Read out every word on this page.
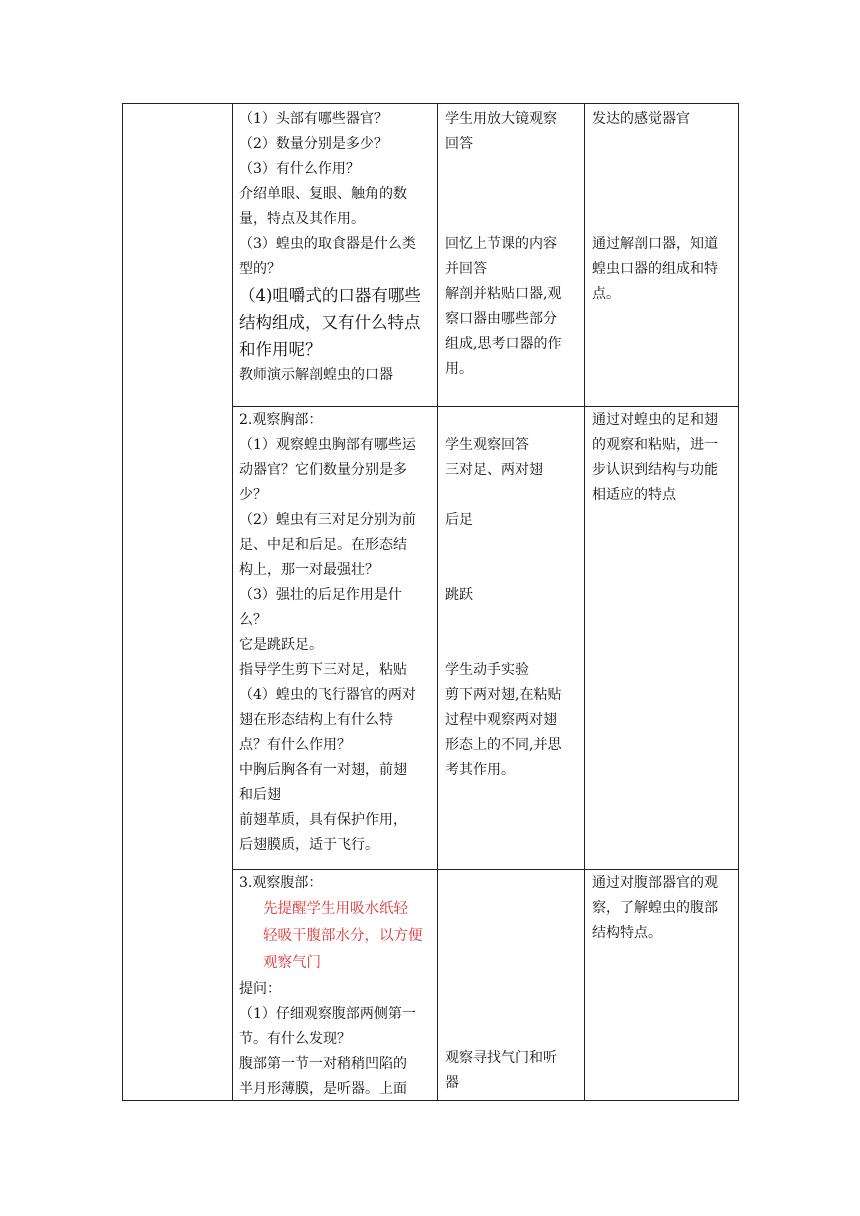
（1）头部有哪些器官？

（2）数量分别是多少？

（3）有什么作用？

介绍单眼、复眼、触角的数

量，特点及其作用。

（3）蝗虫的取食器是什么类

型的？

（4)咀嚼式的口器有哪些

结构组成，又有什么特点

和作用呢？

教师演示解剖蝗虫的口器

学生用放大镜观察

回答

回忆上节课的内容

并回答

解剖并粘贴口器,观

察口器由哪些部分

组成,思考口器的作

用。

发达的感觉器官

通过解剖口器，知道

蝗虫口器的组成和特

点。

2.观察胸部：

（1）观察蝗虫胸部有哪些运

动器官？它们数量分别是多

少？

（2）蝗虫有三对足分别为前

足、中足和后足。在形态结

构上，那一对最强壮？

（3）强壮的后足作用是什

么？

它是跳跃足。

指导学生剪下三对足，粘贴

（4）蝗虫的飞行器官的两对

翅在形态结构上有什么特

点？有什么作用？

中胸后胸各有一对翅，前翅

和后翅

前翅革质，具有保护作用，

后翅膜质，适于飞行。

学生观察回答

三对足、两对翅

后足

跳跃

学生动手实验

剪下两对翅,在粘贴

过程中观察两对翅

形态上的不同,并思

考其作用。

通过对蝗虫的足和翅

的观察和粘贴，进一

步认识到结构与功能

相适应的特点

3.观察腹部：

先提醒学生用吸水纸轻

轻吸干腹部水分，以方便

观察气门

提问：

（1）仔细观察腹部两侧第一

节。有什么发现？

腹部第一节一对稍稍凹陷的

半月形薄膜，是听器。上面

观察寻找气门和听

器

通过对腹部器官的观

察，了解蝗虫的腹部

结构特点。
